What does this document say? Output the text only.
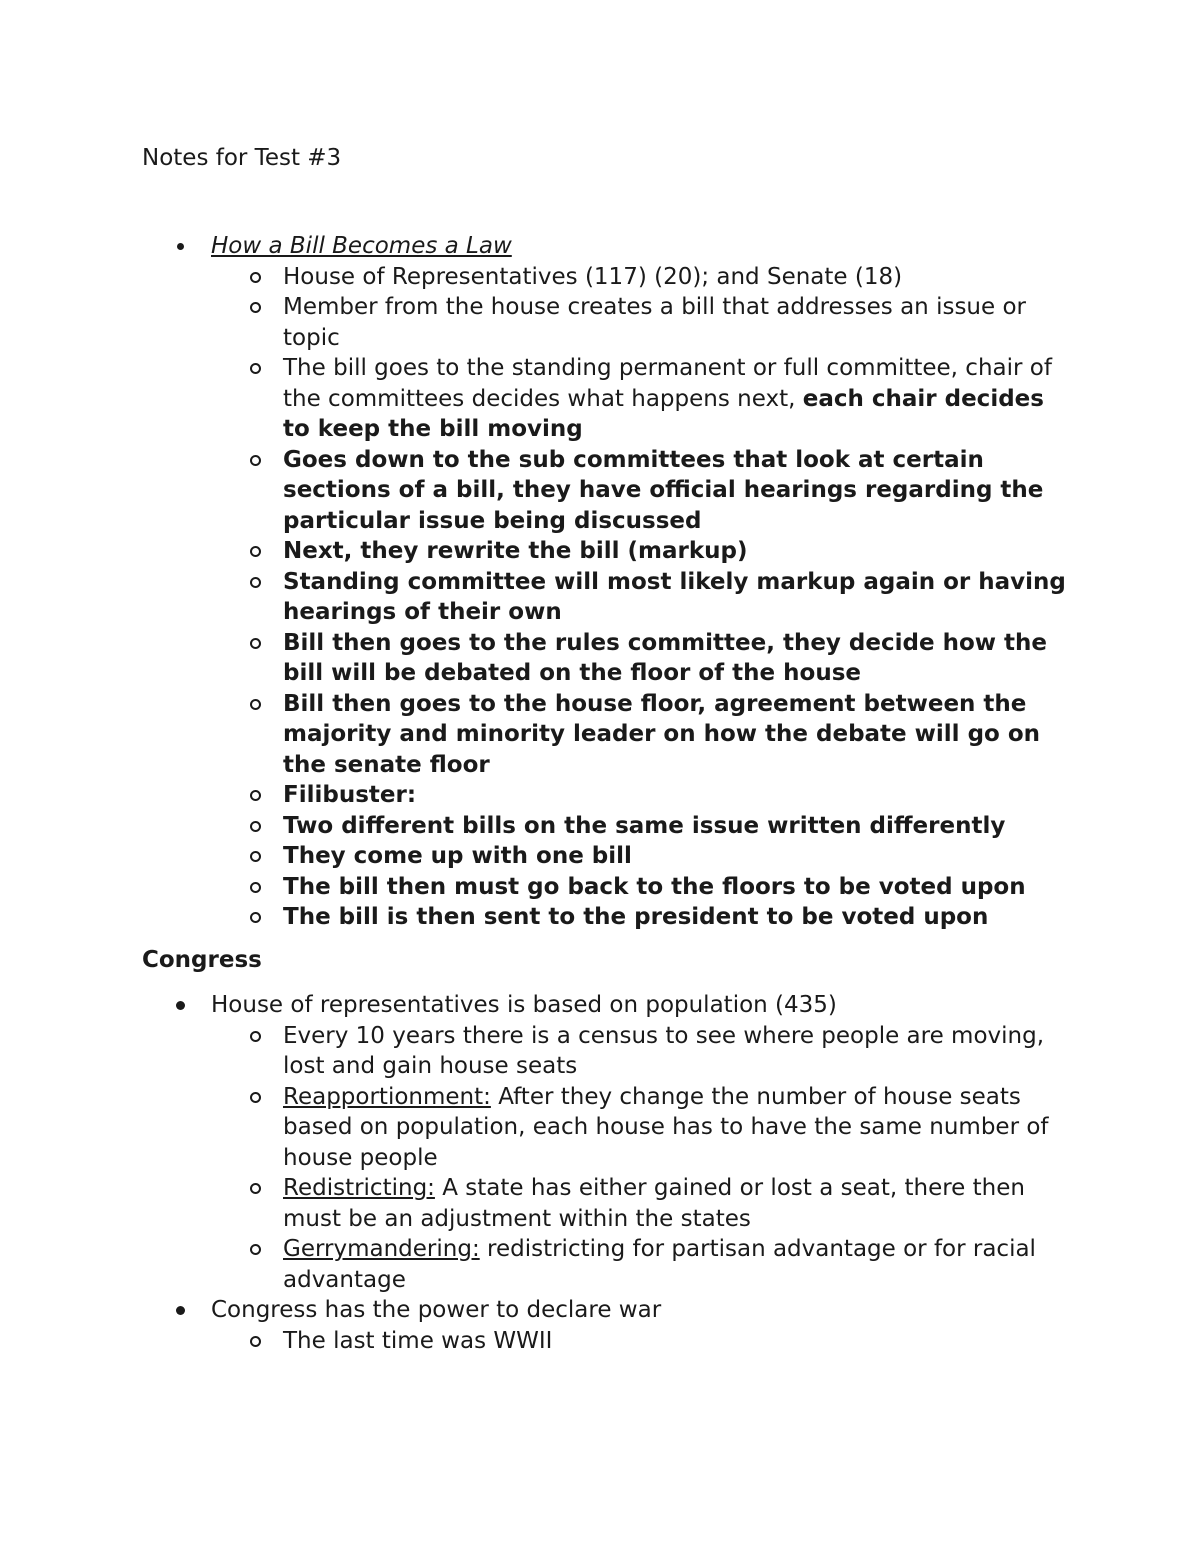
Notes for Test #3
How a Bill Becomes a Law
House of Representatives (117) (20); and Senate (18)
Member from the house creates a bill that addresses an issue or topic
The bill goes to the standing permanent or full committee, chair of the committees decides what happens next, each chair decides to keep the bill moving
Goes down to the sub committees that look at certain sections of a bill, they have official hearings regarding the particular issue being discussed
Next, they rewrite the bill (markup)
Standing committee will most likely markup again or having hearings of their own
Bill then goes to the rules committee, they decide how the bill will be debated on the floor of the house
Bill then goes to the house floor, agreement between the majority and minority leader on how the debate will go on the senate floor
Filibuster:
Two different bills on the same issue written differently
They come up with one bill
The bill then must go back to the floors to be voted upon
The bill is then sent to the president to be voted upon
Congress
House of representatives is based on population (435)
Every 10 years there is a census to see where people are moving, lost and gain house seats
Reapportionment: After they change the number of house seats based on population, each house has to have the same number of house people
Redistricting: A state has either gained or lost a seat, there then must be an adjustment within the states
Gerrymandering: redistricting for partisan advantage or for racial advantage
Congress has the power to declare war
The last time was WWII
